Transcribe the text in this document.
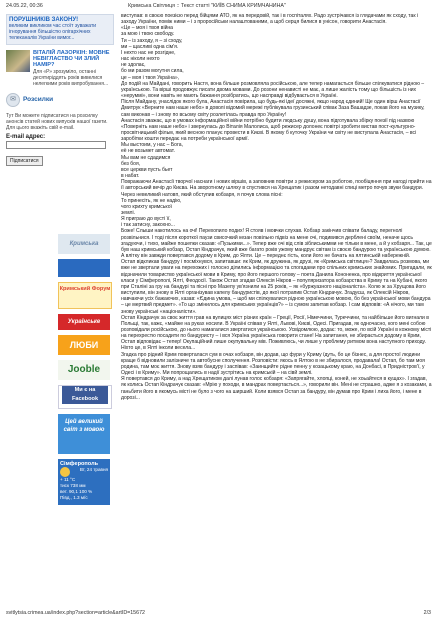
24.05.22, 00:36	Кримська Світлиця :: Текст статті "КИЇВ СНИМА КРИМЧАНИНА"
ПОРУШНИКІВ ЗАКОНУ!
великим викликом час стоїт зуважати ігнорування більшістю олігархічних телеканалів України вимог...
ВІТАЛІЙ ЛАЗОРКІН: МОВНЕ НЕВІГЛАСТВО ЧИ ЗЛИЙ НАМІР?
Для «Р» зрозуміло, останні десятиріддять років вивелися нелегкими років випробування...
✉	Розсилки
Тут Ви можете підписатися на розсилку анонсів статей нових випусків нашої газети. Для цього вкажіть свій e-mail.
E-mail адрес:
Підписатися
Кримська
Кримський Форум
Українське
ЛЮБИ
Jooble
Ми є на Facebook
Цей великий світ з мовою
Сімферополь
Вт, 24 травня
+ 11 °C
тиск 738 мм
вет. 90,1 100 %
Півд., 1.3 м/с

виступав: в своєю поезією перед бійцями АТО, як на передовій, так і в госпіталях. Радо зустрічався із глядачами як сходу, так і заходу України, поміж ними – і з проросійськи налаштованими, а щоб серця билися в унісон, говорити Анастасія.
«Це – моя і твоя війна
за мою і твою свободу.
Ти – із заходу, я – зі сходу,
ми – щасливі одна сім'я.
І нехто нас не розгідне,
нас ніколи нехто
не здолає,
бо ми разом могутня сила,
це – моя і твоя Україна»,

До подій на Майдані, говорить Настя, вона більше розмовляла російською, але тепер намагається більше спілкуватися рідною – українською. Та вірші продовжує писати двома мовами. До розони ненависті не має, а лише жалість тому що більшість із них «неруммі», вони навіть не мають бажання розібратись, що насправді відбувається в Україні.

Після Майдану, унаслідок якого була, Анастасія повірила, що будь-які ідеї досяжні, якщо народ єдиний! Ще один вірш Анастасії Дмитрук «Верните нам наше небо» в доволі відомий мережі публікувала грузинський співак Заза Вашадзе, покав його на музику, сам виконав – і знову по всьому світу розлетілась правда про Україну!

Анастасія зважає, що в умовах інформаційної війни потрібно будити людську душу, вона підготувала збірку поезії під назвою «Поверніть нам наше небо» і звернулась до Віталія Малолиса, щоб режисер долонеє повітрі зробити вистав пост-культурно-просвітницький фільм, який весною планує провести в Києві. В якому б куточку України чи світу не виступала Анастасія, – всі заробітки кошти передає на потреби української армії.
Мы выстоим, у нас – Бога,
её не возьмет автомат.
Мы вам не сдадимся
без боя,
все церкви пусть бьет
в набат.

Повражаючи Анастасії творчої наснаги і нових віршів, а заповнив повітри з режисером за роботою, пообіцяння при нагоді прийти на її авторський вечір до Києва. На зворотному шляху в спустився на Хрещатик і разом нетодавні спиці метро почув звуки бандури. Через невеликий натовп, який обступив кобзаря, я почув слова пісні:
То принесіть, як не надію,
чого крихту кримської
землі.
Я приграю до вусті її,
і так затисну, закохно...

Боже! Слыши накотилось на очі! Перехопило подих! Я стояв і мовчки слухав. Кобзар закінчив співати баладу, перегнолі розвільнися. І тоді після короткої паузи свисочкий кезан повільно підвіз на мене очі, подивився дерблені своїм, неначе щось згадуючи, і тихо, майже пошепки сказав: «Пузькими...». Тепер вже очі від слів зіблиськимми не тільки в мене, а й у кобзаря... Так, це був наш кримський кобзар, Остап Кіндрачук, який вже багато років ужому мандрує світам із своєю бандурою та українською думою. А влітку він завжди повертався додому в Крим, до Ялти. Це – переднє гість, коли його не бачать на ялтинській набережній.

Остап відкликав бандуру і посміхнувся, запитавши: як Крим, як дружина, як друзі, як «Кримська світлиця»? Завдилась розмова, ми вже не звертали уваги на перехожих і голосно ділились інформацією та спогадами про спільних кримських знайомих. Пригадали, як відзначили товариство української мови в Криму, про його першого голову – поета Данила Кононенка, про відкриття української класи у Сімферополі, Ялті, Феодосії. Також Остап згадав Олексія Нікров – популяризатора кобзарства в Криму та на Кубані, якого при Сталіні за гру на бандурі та пісні про Мазепу ув'язнили на 25 років, – як «буржуазного націоналіста». Колю ж за Хрущова його виступили, він знову в Ялті організував капелу бандуристів, до якої потрапив Остап Кіндрачук. Згадуєш, як Олексій Нікров, навчаючи усіх бажаючих, казав: «Єдина умова, – щоб ми спілкувалися рідною українською мовою, бо без української мови бандура – це мертвий предмет». «То що змінилось для кримських українців?» – із сумом запитав кобзар. І сам відповів: «А нічого, ми там знову українські «націоналісти».

Остап Кіндрачук за своє життя грав на вулицях міст різних країн – Греції, Росії, Німеччини, Туреччини, та найбільше його вигнали в Польщі, так, кажє, «майже на руках носили. В Україні співав у Ялті, Львові, Києві, Одесі. Пригадав, як одночасно, кого мені собою розповідали російською, до нього намагалися звертатися українською. Усвідомлюю, додає: то, може, по всій Україні в кожному місті на перехрестю посадити по бандуристу – і вся Україна українська говорити стане! На запитання, не збирається додому в Крим, Остап відповідає – тепер! Окупаційний лише окупувальну мів. Поживлюсь, чи лише у проблему ритмом вона наступного приходу. Ніхто це, в Ялті інколи весела...

Згадка про рідний Крим поверталася сум в очах кобзаря, він додав, що фури у Криму їдуть, бо це бізнес, а для простої людини краще б відновили залізниче та автобусне сполучення. Розповісти: якось в Ялтою в не збиралося, продавала! Остап, бо там моя родина, там моє життя. Знову взяв бандуру і заспівав: «Заинщийте рідне пенну у козацькому краю, на Донбасі, в Придністров'ї, у Одесі і в Криму». Ми попрощались в надії зустрітись на кримській – на сівй землі.

Я повертався до Криму, а над Хрещатиком далі лунав голос кобзаря: «Запрягайте, хлопці, коней, не хоьайтеся в кущах». І згадав, як колись Остап Кіндрачук сказав: «Мрію у походи, в мандрах повертається...», говорили він. Мені не страшно, адже я з козаками, а ганьбити його в якомусь місті не було з чого на ширший. Коли взявся Остап за бандуру, він думав про Крим і лиха його, і мене в дорозі...

svitlytsia.crimea.ua/index.php?section=article&artID=15672	2/3
